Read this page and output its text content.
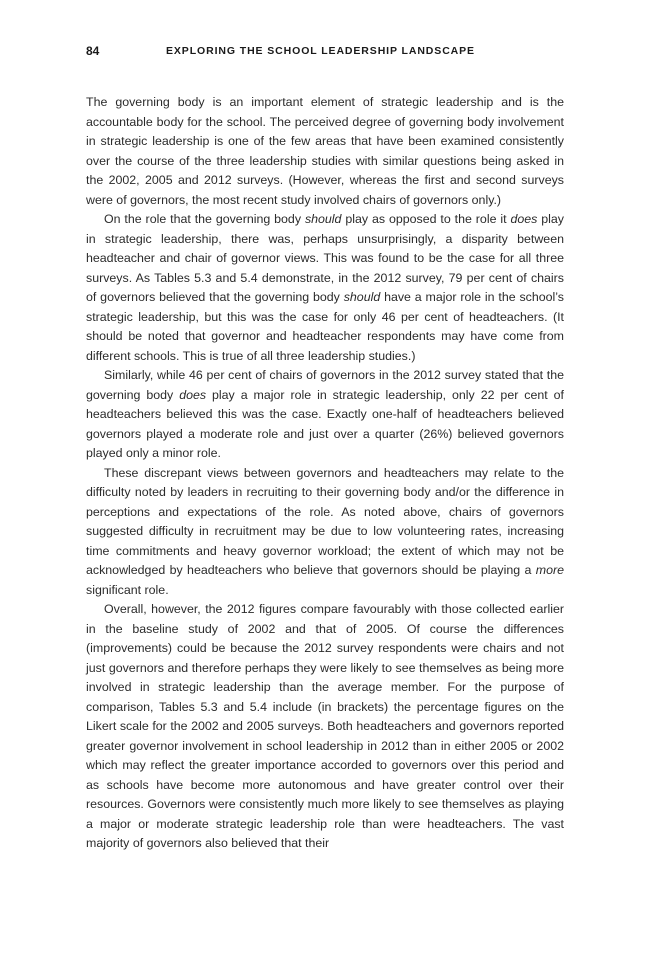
84	EXPLORING THE SCHOOL LEADERSHIP LANDSCAPE

The governing body is an important element of strategic leadership and is the accountable body for the school. The perceived degree of governing body involvement in strategic leadership is one of the few areas that have been examined consistently over the course of the three leadership studies with similar questions being asked in the 2002, 2005 and 2012 surveys. (However, whereas the first and second surveys were of governors, the most recent study involved chairs of governors only.)

On the role that the governing body should play as opposed to the role it does play in strategic leadership, there was, perhaps unsurprisingly, a disparity between headteacher and chair of governor views. This was found to be the case for all three surveys. As Tables 5.3 and 5.4 demonstrate, in the 2012 survey, 79 per cent of chairs of governors believed that the governing body should have a major role in the school’s strategic leadership, but this was the case for only 46 per cent of headteachers. (It should be noted that governor and headteacher respondents may have come from different schools. This is true of all three leadership studies.)

Similarly, while 46 per cent of chairs of governors in the 2012 survey stated that the governing body does play a major role in strategic leadership, only 22 per cent of headteachers believed this was the case. Exactly one-half of headteachers believed governors played a moderate role and just over a quarter (26%) believed governors played only a minor role.

These discrepant views between governors and headteachers may relate to the difficulty noted by leaders in recruiting to their governing body and/or the difference in perceptions and expectations of the role. As noted above, chairs of governors suggested difficulty in recruitment may be due to low volunteering rates, increasing time commitments and heavy governor workload; the extent of which may not be acknowledged by headteachers who believe that governors should be playing a more significant role.

Overall, however, the 2012 figures compare favourably with those collected earlier in the baseline study of 2002 and that of 2005. Of course the differences (improvements) could be because the 2012 survey respondents were chairs and not just governors and therefore perhaps they were likely to see themselves as being more involved in strategic leadership than the average member. For the purpose of comparison, Tables 5.3 and 5.4 include (in brackets) the percentage figures on the Likert scale for the 2002 and 2005 surveys. Both headteachers and governors reported greater governor involvement in school leadership in 2012 than in either 2005 or 2002 which may reflect the greater importance accorded to governors over this period and as schools have become more autonomous and have greater control over their resources. Governors were consistently much more likely to see themselves as playing a major or moderate strategic leadership role than were headteachers. The vast majority of governors also believed that their
